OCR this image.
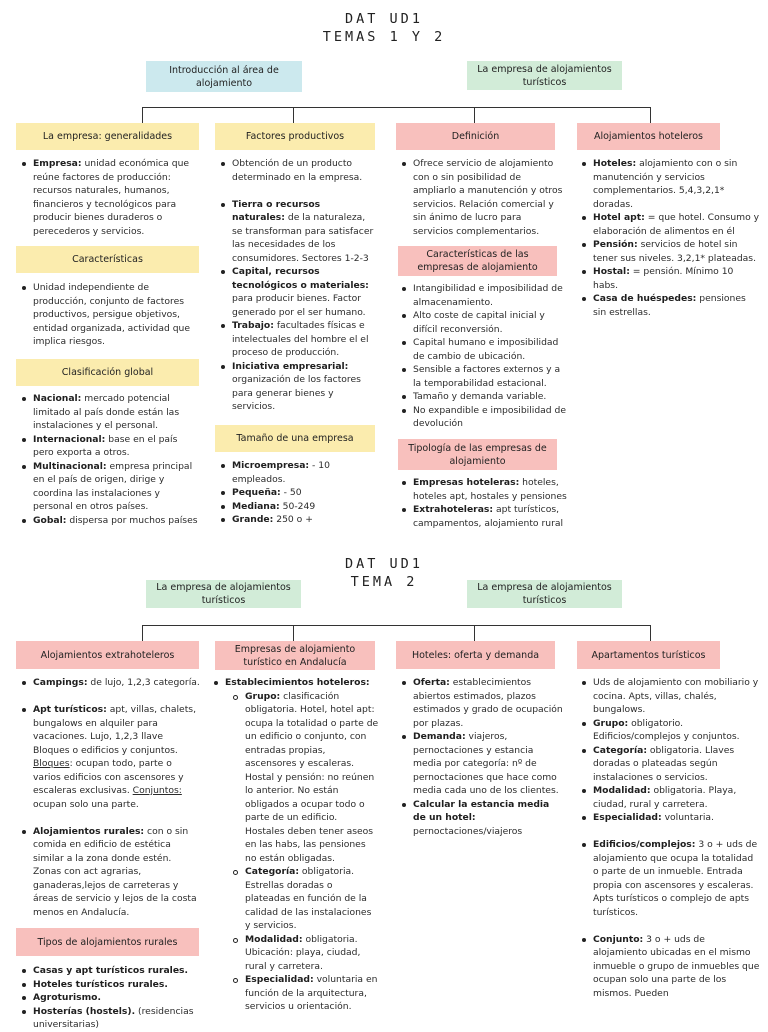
DAT UD1
TEMAS 1 Y 2
Introducción al área de alojamiento
La empresa de alojamientos turísticos
La empresa: generalidades
Empresa: unidad económica que reúne factores de producción: recursos naturales, humanos, financieros y tecnológicos para producir bienes duraderos o perecederos y servicios.
Características
Unidad independiente de producción, conjunto de factores productivos, persigue objetivos, entidad organizada, actividad que implica riesgos.
Clasificación global
Nacional: mercado potencial limitado al país donde están las instalaciones y el personal.
Internacional: base en el país pero exporta a otros.
Multinacional: empresa principal en el país de origen, dirige y coordina las instalaciones y personal en otros países.
Gobal: dispersa por muchos países
Factores productivos
Obtención de un producto determinado en la empresa.
Tierra o recursos naturales: de la naturaleza, se transforman para satisfacer las necesidades de los consumidores. Sectores 1-2-3
Capital, recursos tecnológicos o materiales: para producir bienes. Factor generado por el ser humano.
Trabajo: facultades físicas e intelectuales del hombre el el proceso de producción.
Iniciativa empresarial: organización de los factores para generar bienes y servicios.
Tamaño de una empresa
Microempresa: - 10 empleados.
Pequeña: - 50
Mediana: 50-249
Grande: 250 o +
Definición
Ofrece servicio de alojamiento con o sin posibilidad de ampliarlo a manutención y otros servicios. Relación comercial y sin ánimo de lucro para servicios complementarios.
Características de las empresas de alojamiento
Intangibilidad e imposibilidad de almacenamiento.
Alto coste de capital inicial y difícil reconversión.
Capital humano e imposibilidad de cambio de ubicación.
Sensible a factores externos y a la temporabilidad estacional.
Tamaño y demanda variable.
No expandible e imposibilidad de devolución
Tipología de las empresas de alojamiento
Empresas hoteleras: hoteles, hoteles apt, hostales y pensiones
Extrahoteleras: apt turísticos, campamentos, alojamiento rural
Alojamientos hoteleros
Hoteles: alojamiento con o sin manutención y servicios complementarios. 5,4,3,2,1* doradas.
Hotel apt: = que hotel. Consumo y elaboración de alimentos en él
Pensión: servicios de hotel sin tener sus niveles. 3,2,1* plateadas.
Hostal: = pensión. Mínimo 10 habs.
Casa de huéspedes: pensiones sin estrellas.
DAT UD1
TEMA 2
La empresa de alojamientos turísticos
La empresa de alojamientos turísticos
Alojamientos extrahoteleros
Campings: de lujo, 1,2,3 categoría.
Apt turísticos: apt, villas, chalets, bungalows en alquiler para vacaciones. Lujo, 1,2,3 llave Bloques o edificios y conjuntos. Bloques: ocupan todo, parte o varios edificios con ascensores y escaleras exclusivas. Conjuntos: ocupan solo una parte.
Alojamientos rurales: con o sin comida en edificio de estética similar a la zona donde estén. Zonas con act agrarias, ganaderas,lejos de carreteras y áreas de servicio y lejos de la costa menos en Andalucía.
Tipos de alojamientos rurales
Casas y apt turísticos rurales.
Hoteles turísticos rurales.
Agroturismo.
Hosterías (hostels). (residencias universitarias)
Empresas de alojamiento turístico en Andalucía
Establecimientos hoteleros:
Grupo: clasificación obligatoria. Hotel, hotel apt: ocupa la totalidad o parte de un edificio o conjunto, con entradas propias, ascensores y escaleras. Hostal y pensión: no reúnen lo anterior. No están obligados a ocupar todo o parte de un edificio. Hostales deben tener aseos en las habs, las pensiones no están obligadas.
Categoría: obligatoria. Estrellas doradas o plateadas en función de la calidad de las instalaciones y servicios.
Modalidad: obligatoria. Ubicación: playa, ciudad, rural y carretera.
Especialidad: voluntaria en función de la arquitectura, servicios u orientación.
Hoteles: oferta y demanda
Oferta: establecimientos abiertos estimados, plazos estimados y grado de ocupación por plazas.
Demanda: viajeros, pernoctaciones y estancia media por categoría: nº de pernoctaciones que hace como media cada uno de los clientes.
Calcular la estancia media de un hotel: pernoctaciones/viajeros
Apartamentos turísticos
Uds de alojamiento con mobiliario y cocina. Apts, villas, chalés, bungalows.
Grupo: obligatorio. Edificios/complejos y conjuntos.
Categoría: obligatoria. Llaves doradas o plateadas según instalaciones o servicios.
Modalidad: obligatoria. Playa, ciudad, rural y carretera.
Especialidad: voluntaria.
Edificios/complejos: 3 o + uds de alojamiento que ocupa la totalidad o parte de un inmueble. Entrada propia con ascensores y escaleras. Apts turísticos o complejo de apts turísticos.
Conjunto: 3 o + uds de alojamiento ubicadas en el mismo inmueble o grupo de inmuebles que ocupan solo una parte de los mismos. Pueden
